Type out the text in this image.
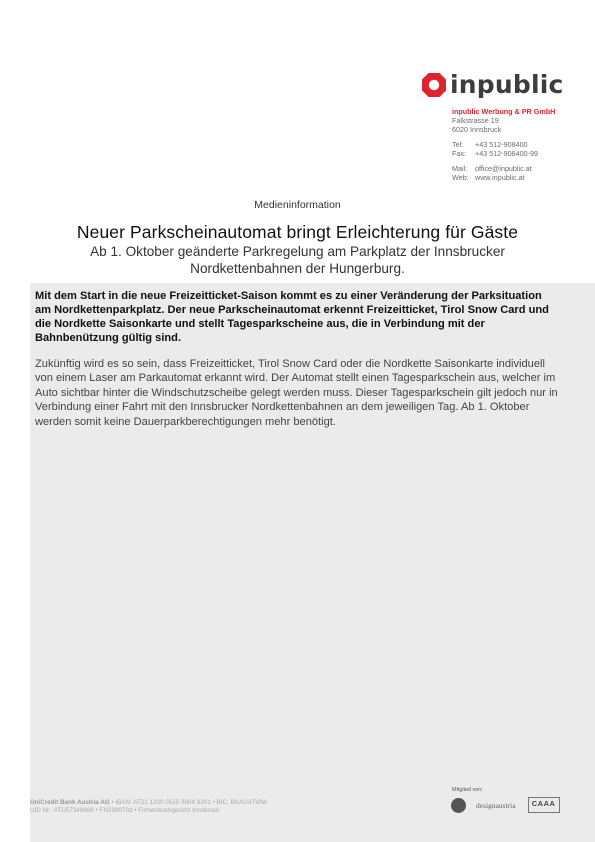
inpublic
inpublic Werbung & PR GmbH
Falkstrasse 19
6020 Innsbruck
Tel:	+43 512-908400
Fax:	+43 512-908400-99
Mail:	office@inpublic.at
Web: www.inpublic.at
Medieninformation
Neuer Parkscheinautomat bringt Erleichterung für Gäste
Ab 1. Oktober geänderte Parkregelung am Parkplatz der Innsbrucker Nordkettenbahnen der Hungerburg.
Mit dem Start in die neue Freizeitticket-Saison kommt es zu einer Veränderung der Parksituation am Nordkettenparkplatz. Der neue Parkscheinautomat erkennt Freizeitticket, Tirol Snow Card und die Nordkette Saisonkarte und stellt Tagesparkscheine aus, die in Verbindung mit der Bahnbenützung gültig sind.
Zukünftig wird es so sein, dass Freizeitticket, Tirol Snow Card oder die Nordkette Saisonkarte individuell von einem Laser am Parkautomat erkannt wird. Der Automat stellt einen Tagesparkschein aus, welcher im Auto sichtbar hinter die Windschutzscheibe gelegt werden muss. Dieser Tagesparkschein gilt jedoch nur in Verbindung einer Fahrt mit den Innsbrucker Nordkettenbahnen an dem jeweiligen Tag. Ab 1. Oktober werden somit keine Dauerparkberechtigungen mehr benötigt.
UniCredit Bank Austria AG • IBAN: AT21 1200 0515 3804 9301 • BIC: BKAUATWW
UID Nr.: ATU57348668 • FN239073d • Firmenbuchgericht Innsbruck
Mitglied von:
designaustria	CAAA
